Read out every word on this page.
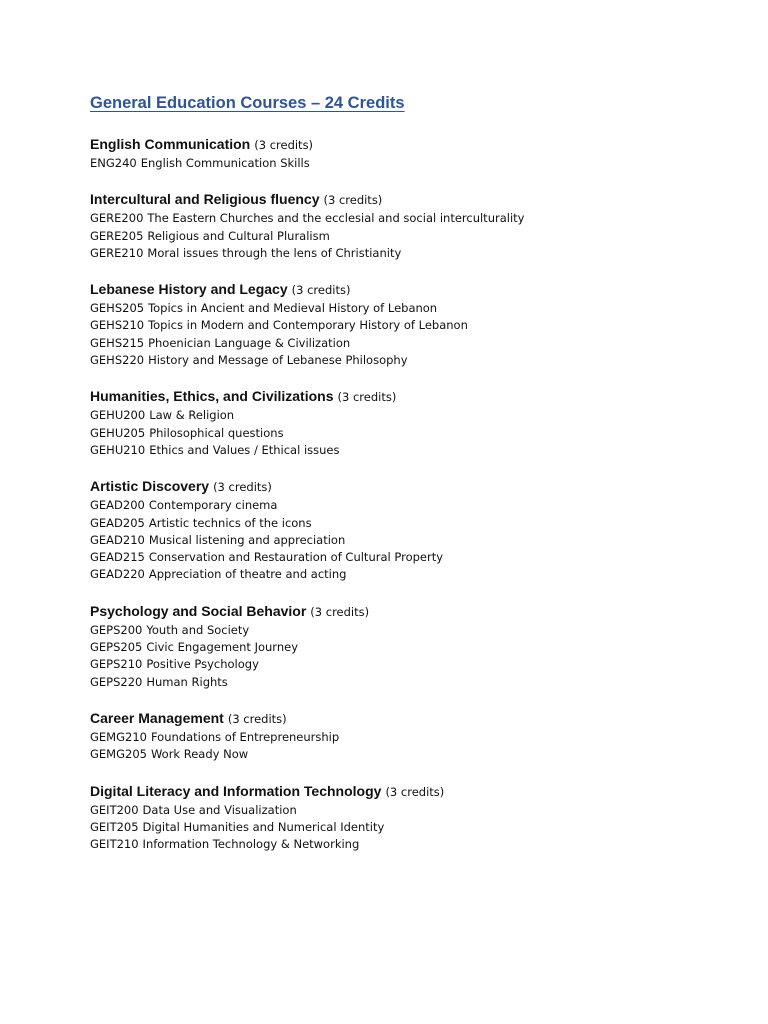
General Education Courses – 24 Credits
English Communication (3 credits)
ENG240 English Communication Skills
Intercultural and Religious fluency (3 credits)
GERE200 The Eastern Churches and the ecclesial and social interculturality
GERE205 Religious and Cultural Pluralism
GERE210 Moral issues through the lens of Christianity
Lebanese History and Legacy (3 credits)
GEHS205 Topics in Ancient and Medieval History of Lebanon
GEHS210 Topics in Modern and Contemporary History of Lebanon
GEHS215 Phoenician Language & Civilization
GEHS220 History and Message of Lebanese Philosophy
Humanities, Ethics, and Civilizations (3 credits)
GEHU200 Law & Religion
GEHU205 Philosophical questions
GEHU210 Ethics and Values / Ethical issues
Artistic Discovery (3 credits)
GEAD200 Contemporary cinema
GEAD205 Artistic technics of the icons
GEAD210 Musical listening and appreciation
GEAD215 Conservation and Restauration of Cultural Property
GEAD220 Appreciation of theatre and acting
Psychology and Social Behavior (3 credits)
GEPS200 Youth and Society
GEPS205 Civic Engagement Journey
GEPS210 Positive Psychology
GEPS220 Human Rights
Career Management (3 credits)
GEMG210 Foundations of Entrepreneurship
GEMG205 Work Ready Now
Digital Literacy and Information Technology (3 credits)
GEIT200 Data Use and Visualization
GEIT205 Digital Humanities and Numerical Identity
GEIT210 Information Technology & Networking
